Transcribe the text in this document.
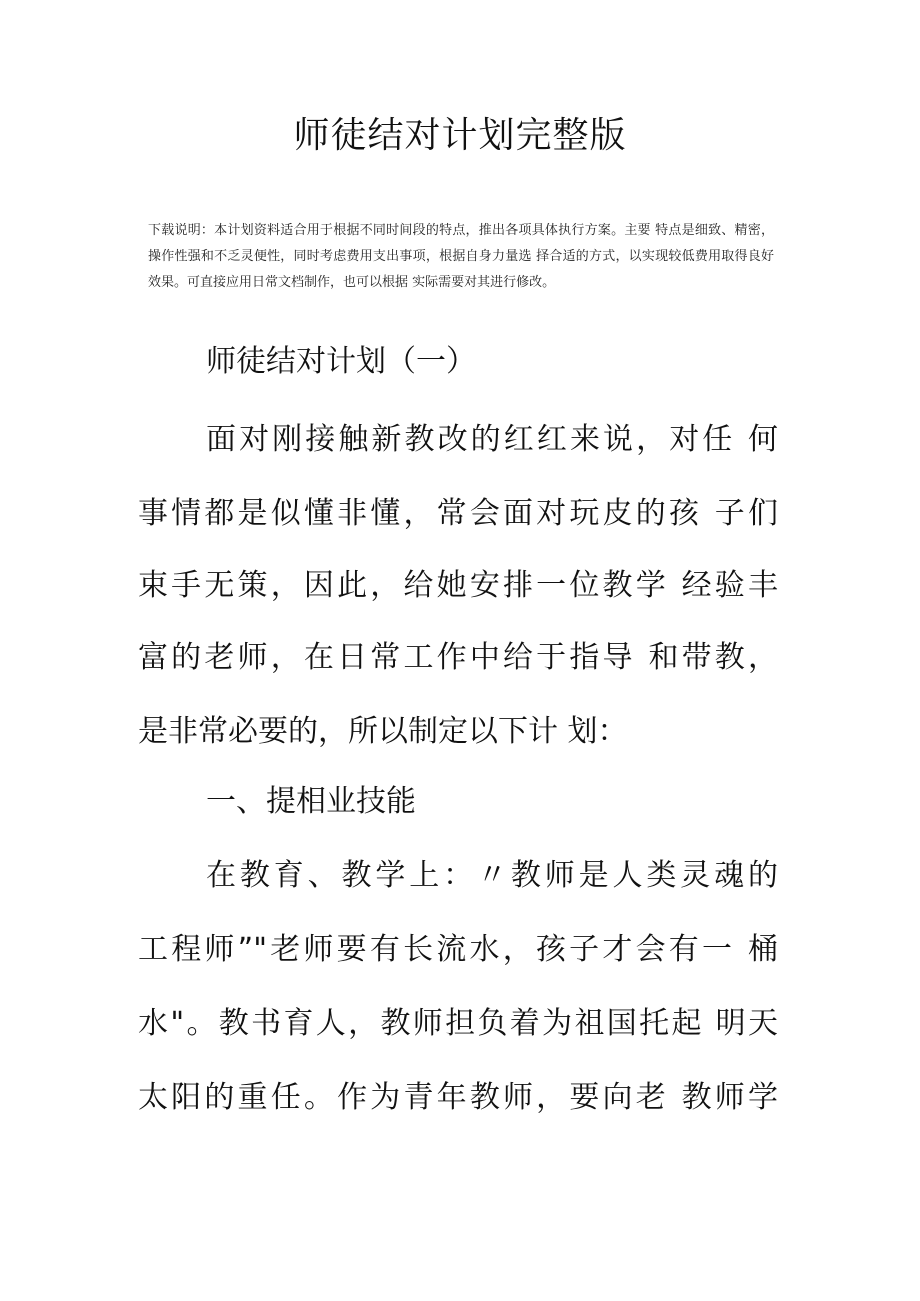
师徒结对计划完整版
下载说明：本计划资料适合用于根据不同时间段的特点，推出各项具体执行方案。主要 特点是细致、精密，操作性强和不乏灵便性，同时考虑费用支出事项，根据自身力量选 择合适的方式，以实现较低费用取得良好效果。可直接应用日常文档制作，也可以根据 实际需要对其进行修改。
师徒结对计划（一）
面对刚接触新教改的红红来说，对任 何
事情都是似懂非懂，常会面对玩皮的孩 子们
束手无策，因此，给她安排一位教学 经验丰
富的老师，在日常工作中给于指导 和带教，
是非常必要的，所以制定以下计 划：
一、提相业技能
在教育、教学上：〃教师是人类灵魂的
工程师”"老师要有长流水，孩子才会有一 桶
水"。教书育人，教师担负着为祖国托起 明天
太阳的重任。作为青年教师，要向老 教师学
